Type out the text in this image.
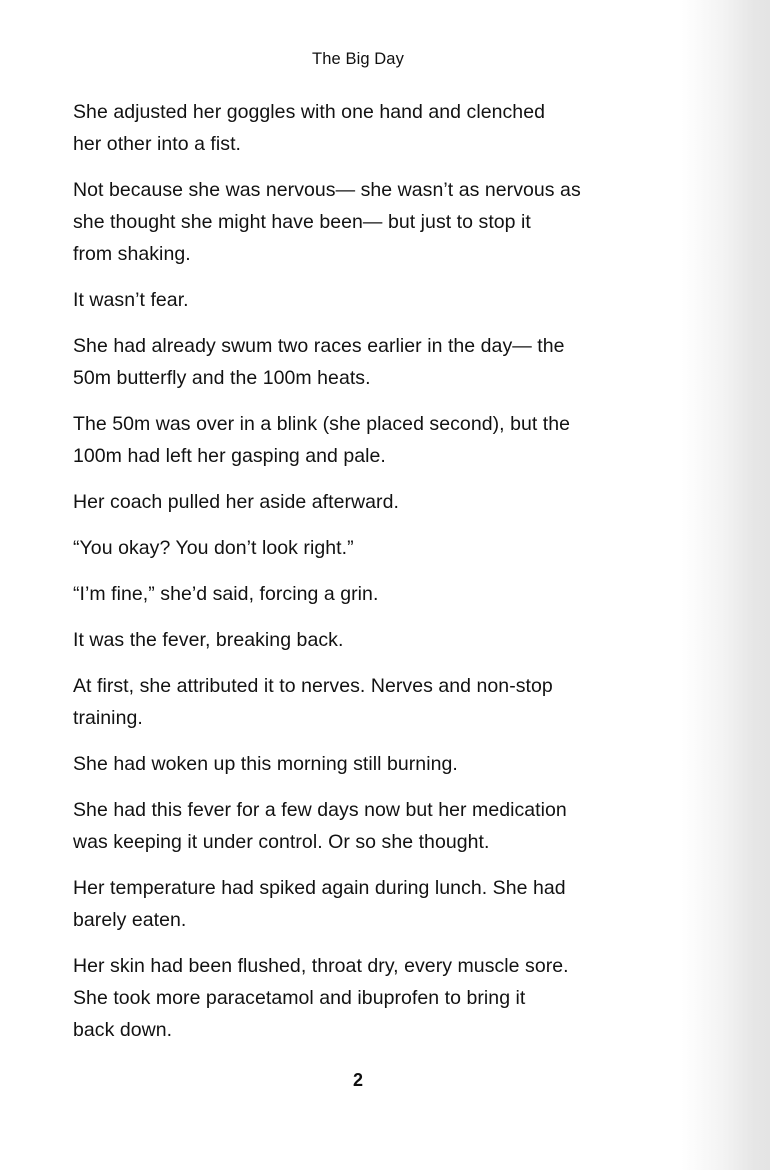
The Big Day
She adjusted her goggles with one hand and clenched
her other into a fist.
Not because she was nervous— she wasn’t as nervous as
she thought she might have been— but just to stop it
from shaking.
It wasn’t fear.
She had already swum two races earlier in the day— the
50m butterfly and the 100m heats.
The 50m was over in a blink (she placed second), but the
100m had left her gasping and pale.
Her coach pulled her aside afterward.
“You okay? You don’t look right.”
“I’m fine,” she’d said, forcing a grin.
It was the fever, breaking back.
At first, she attributed it to nerves. Nerves and non-stop
training.
She had woken up this morning still burning.
She had this fever for a few days now but her medication
was keeping it under control. Or so she thought.
Her temperature had spiked again during lunch. She had
barely eaten.
Her skin had been flushed, throat dry, every muscle sore.
She took more paracetamol and ibuprofen to bring it
back down.
2
